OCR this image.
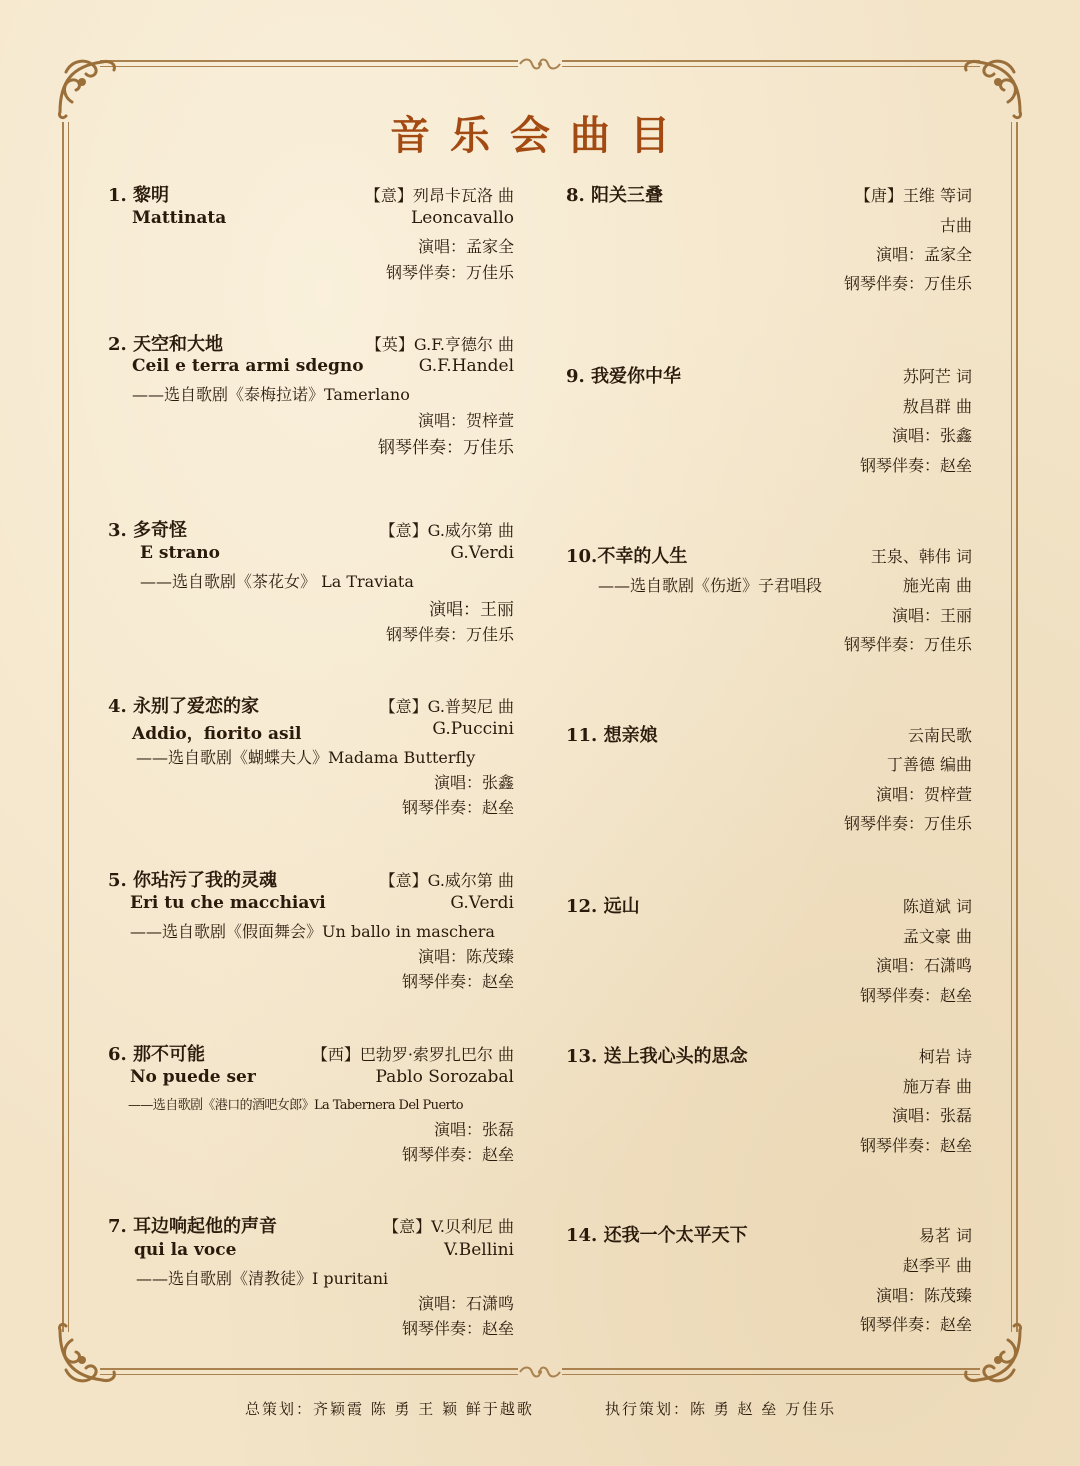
音乐会曲目
1. 黎明	【意】列昂卡瓦洛 曲
Mattinata	Leoncavallo
演唱：孟家全
钢琴伴奏：万佳乐
2. 天空和大地	【英】G.F.亨德尔 曲
Ceil e terra armi sdegno	G.F.Handel
——选自歌剧《泰梅拉诺》Tamerlano
演唱：贺梓萱
钢琴伴奏：万佳乐
3. 多奇怪	【意】G.威尔第 曲
E strano	G.Verdi
——选自歌剧《茶花女》 La Traviata
演唱：王丽
钢琴伴奏：万佳乐
4. 永别了爱恋的家	【意】G.普契尼 曲
Addio，fiorito asil	G.Puccini
——选自歌剧《蝴蝶夫人》Madama Butterfly
演唱：张鑫
钢琴伴奏：赵垒
5. 你玷污了我的灵魂	【意】G.威尔第 曲
Eri tu che macchiavi	G.Verdi
——选自歌剧《假面舞会》Un ballo in maschera
演唱：陈茂臻
钢琴伴奏：赵垒
6. 那不可能	【西】巴勃罗·索罗扎巴尔 曲
No puede ser	Pablo Sorozabal
——选自歌剧《港口的酒吧女郎》La Tabernera Del Puerto
演唱：张磊
钢琴伴奏：赵垒
7. 耳边响起他的声音	【意】V.贝利尼 曲
qui la voce	V.Bellini
——选自歌剧《清教徒》I puritani
演唱：石潇鸣
钢琴伴奏：赵垒
8. 阳关三叠	【唐】王维 等词
古曲
演唱：孟家全
钢琴伴奏：万佳乐
9. 我爱你中华	苏阿芒 词
敖昌群 曲
演唱：张鑫
钢琴伴奏：赵垒
10.不幸的人生
——选自歌剧《伤逝》子君唱段
王泉、韩伟 词
施光南 曲
演唱：王丽
钢琴伴奏：万佳乐
11. 想亲娘	云南民歌
丁善德 编曲
演唱：贺梓萱
钢琴伴奏：万佳乐
12. 远山	陈道斌 词
孟文豪 曲
演唱：石潇鸣
钢琴伴奏：赵垒
13. 送上我心头的思念	柯岩 诗
施万春 曲
演唱：张磊
钢琴伴奏：赵垒
14. 还我一个太平天下	易茗 词
赵季平 曲
演唱：陈茂臻
钢琴伴奏：赵垒
总策划：齐颖霞 陈 勇 王 颖 鲜于越歌	执行策划：陈 勇 赵 垒 万佳乐
